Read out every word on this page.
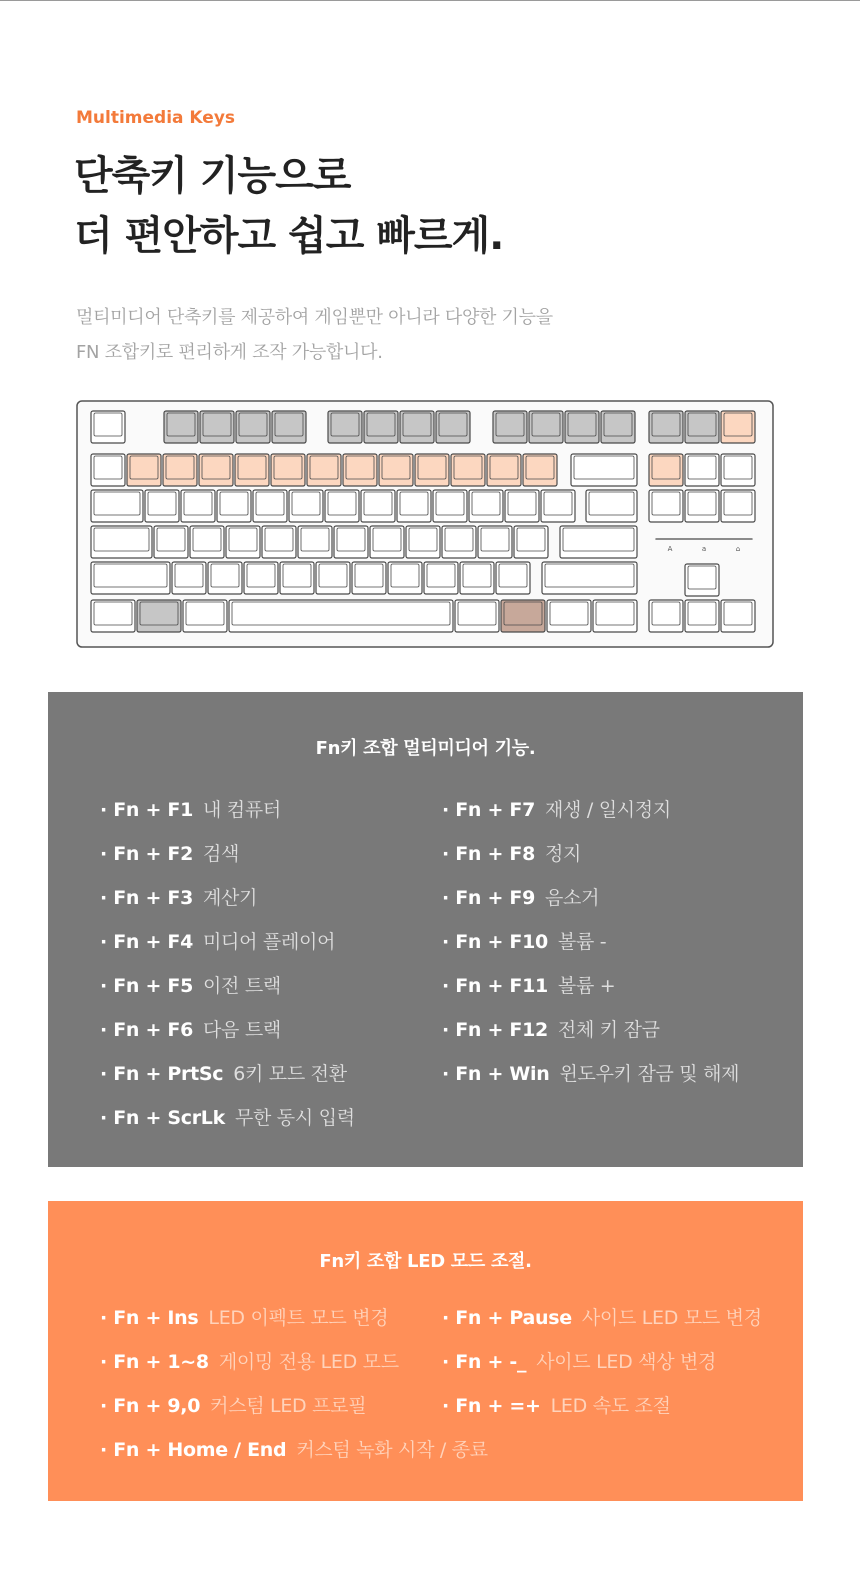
Multimedia Keys
단축키 기능으로
더 편안하고 쉽고 빠르게.
멀티미디어 단축키를 제공하여 게임뿐만 아니라 다양한 기능을
FN 조합키로 편리하게 조작 가능합니다.
A	a	⌂
Fn키 조합 멀티미디어 기능.
· Fn + F1 내 컴퓨터
· Fn + F2 검색
· Fn + F3 계산기
· Fn + F4 미디어 플레이어
· Fn + F5 이전 트랙
· Fn + F6 다음 트랙
· Fn + PrtSc 6키 모드 전환
· Fn + ScrLk 무한 동시 입력
· Fn + F7 재생 / 일시정지
· Fn + F8 정지
· Fn + F9 음소거
· Fn + F10 볼륨 -
· Fn + F11 볼륨 +
· Fn + F12 전체 키 잠금
· Fn + Win 윈도우키 잠금 및 해제
Fn키 조합 LED 모드 조절.
· Fn + Ins LED 이펙트 모드 변경
· Fn + 1~8 게이밍 전용 LED 모드
· Fn + 9,0 커스텀 LED 프로필
· Fn + Home / End 커스텀 녹화 시작 / 종료
· Fn + Pause 사이드 LED 모드 변경
· Fn + -_ 사이드 LED 색상 변경
· Fn + =+ LED 속도 조절
